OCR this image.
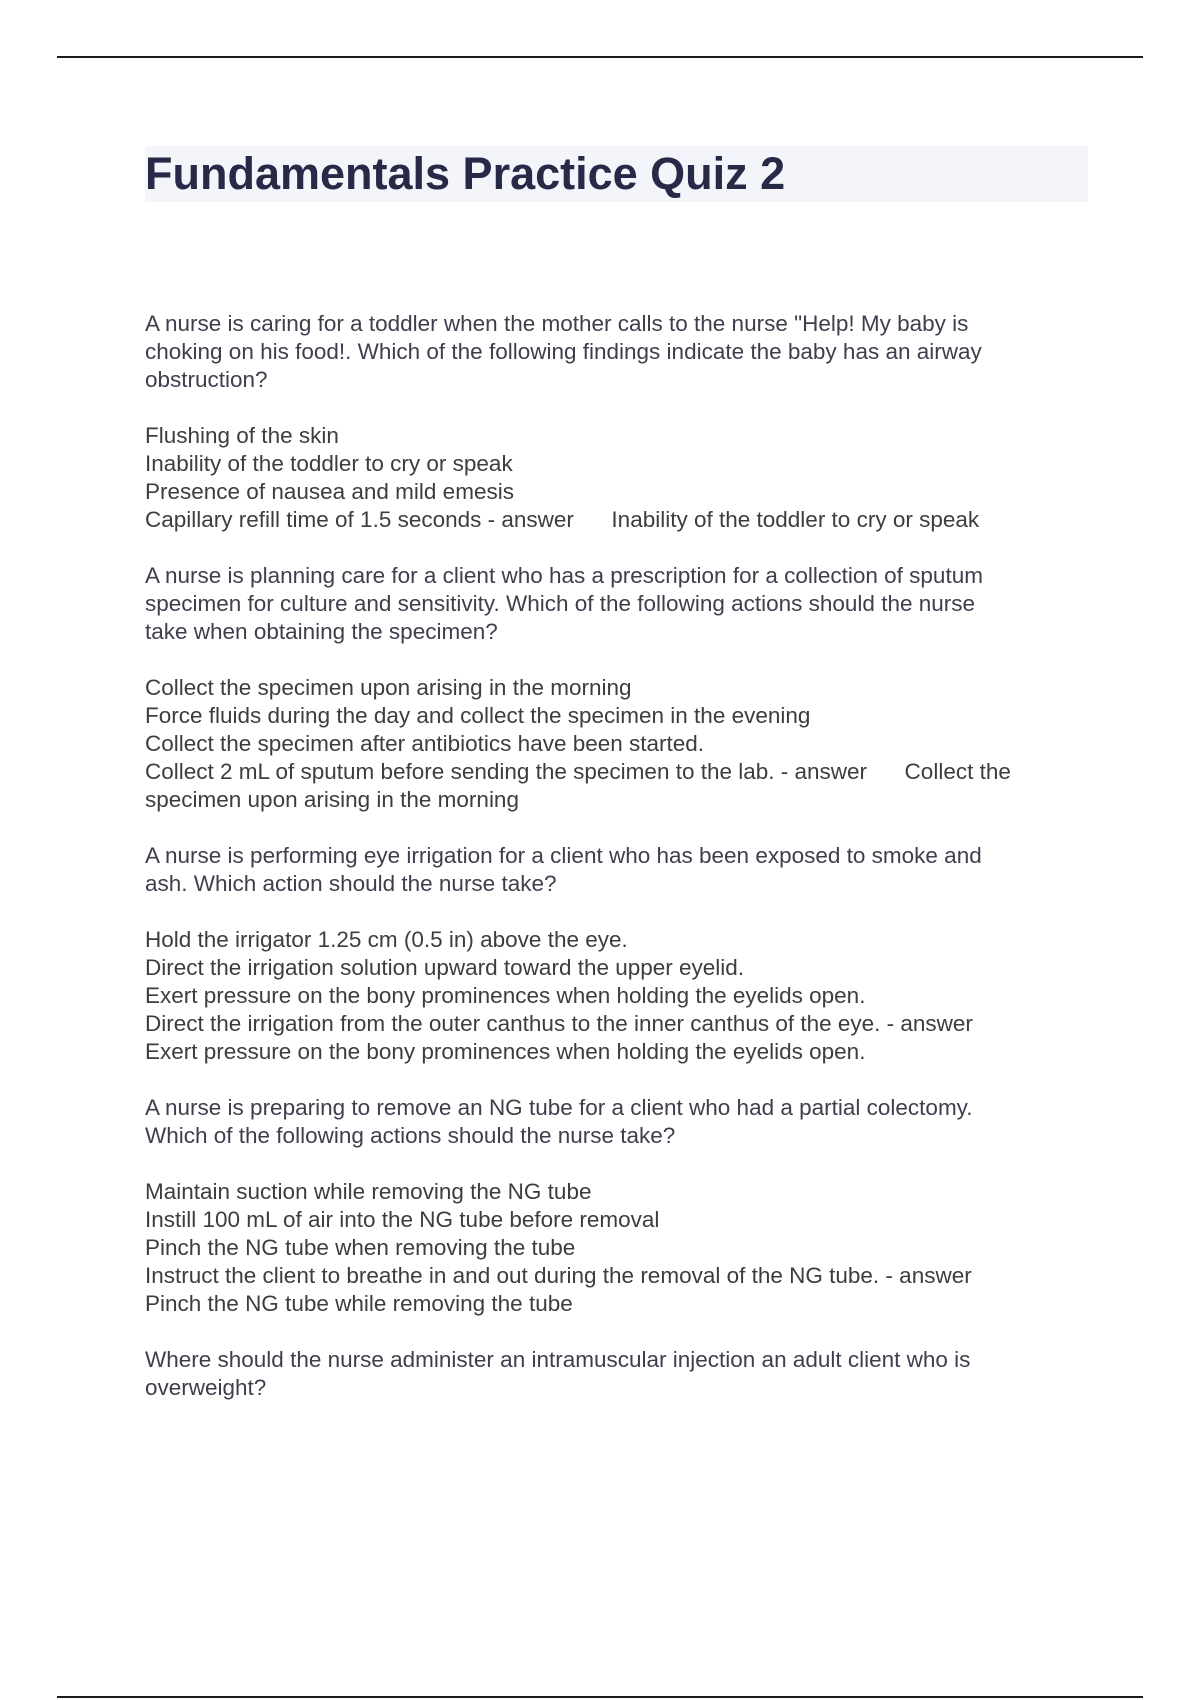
Fundamentals Practice Quiz 2
A nurse is caring for a toddler when the mother calls to the nurse "Help! My baby is
choking on his food!. Which of the following findings indicate the baby has an airway
obstruction?
Flushing of the skin
Inability of the toddler to cry or speak
Presence of nausea and mild emesis
Capillary refill time of 1.5 seconds - answer      Inability of the toddler to cry or speak
A nurse is planning care for a client who has a prescription for a collection of sputum
specimen for culture and sensitivity. Which of the following actions should the nurse
take when obtaining the specimen?
Collect the specimen upon arising in the morning
Force fluids during the day and collect the specimen in the evening
Collect the specimen after antibiotics have been started.
Collect 2 mL of sputum before sending the specimen to the lab. - answer      Collect the
specimen upon arising in the morning
A nurse is performing eye irrigation for a client who has been exposed to smoke and
ash. Which action should the nurse take?
Hold the irrigator 1.25 cm (0.5 in) above the eye.
Direct the irrigation solution upward toward the upper eyelid.
Exert pressure on the bony prominences when holding the eyelids open.
Direct the irrigation from the outer canthus to the inner canthus of the eye. - answer
Exert pressure on the bony prominences when holding the eyelids open.
A nurse is preparing to remove an NG tube for a client who had a partial colectomy.
Which of the following actions should the nurse take?
Maintain suction while removing the NG tube
Instill 100 mL of air into the NG tube before removal
Pinch the NG tube when removing the tube
Instruct the client to breathe in and out during the removal of the NG tube. - answer
Pinch the NG tube while removing the tube
Where should the nurse administer an intramuscular injection an adult client who is
overweight?
